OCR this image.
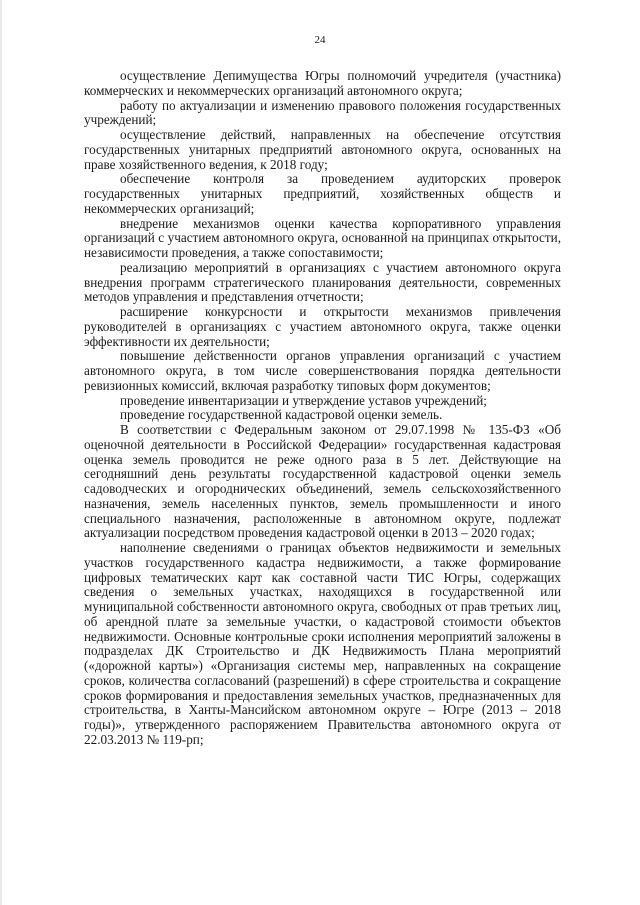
24

осуществление Депимущества Югры полномочий учредителя (участника) коммерческих и некоммерческих организаций автономного округа;

работу по актуализации и изменению правового положения государственных учреждений;

осуществление действий, направленных на обеспечение отсутствия государственных унитарных предприятий автономного округа, основанных на праве хозяйственного ведения, к 2018 году;

обеспечение контроля за проведением аудиторских проверок государственных унитарных предприятий, хозяйственных обществ и некоммерческих организаций;

внедрение механизмов оценки качества корпоративного управления организаций с участием автономного округа, основанной на принципах открытости, независимости проведения, а также сопоставимости;

реализацию мероприятий в организациях с участием автономного округа внедрения программ стратегического планирования деятельности, современных методов управления и представления отчетности;

расширение конкурсности и открытости механизмов привлечения руководителей в организациях с участием автономного округа, также оценки эффективности их деятельности;

повышение действенности органов управления организаций с участием автономного округа, в том числе совершенствования порядка деятельности ревизионных комиссий, включая разработку типовых форм документов;

проведение инвентаризации и утверждение уставов учреждений;

проведение государственной кадастровой оценки земель.

В соответствии с Федеральным законом от 29.07.1998 № 135-ФЗ «Об оценочной деятельности в Российской Федерации» государственная кадастровая оценка земель проводится не реже одного раза в 5 лет. Действующие на сегодняшний день результаты государственной кадастровой оценки земель садоводческих и огороднических объединений, земель сельскохозяйственного назначения, земель населенных пунктов, земель промышленности и иного специального назначения, расположенные в автономном округе, подлежат актуализации посредством проведения кадастровой оценки в 2013 – 2020 годах;

наполнение сведениями о границах объектов недвижимости и земельных участков государственного кадастра недвижимости, а также формирование цифровых тематических карт как составной части ТИС Югры, содержащих сведения о земельных участках, находящихся в государственной или муниципальной собственности автономного округа, свободных от прав третьих лиц, об арендной плате за земельные участки, о кадастровой стоимости объектов недвижимости. Основные контрольные сроки исполнения мероприятий заложены в подразделах ДК Строительство и ДК Недвижимость Плана мероприятий («дорожной карты») «Организация системы мер, направленных на сокращение сроков, количества согласований (разрешений) в сфере строительства и сокращение сроков формирования и предоставления земельных участков, предназначенных для строительства, в Ханты-Мансийском автономном округе – Югре (2013 – 2018 годы)», утвержденного распоряжением Правительства автономного округа от 22.03.2013 № 119-рп;
